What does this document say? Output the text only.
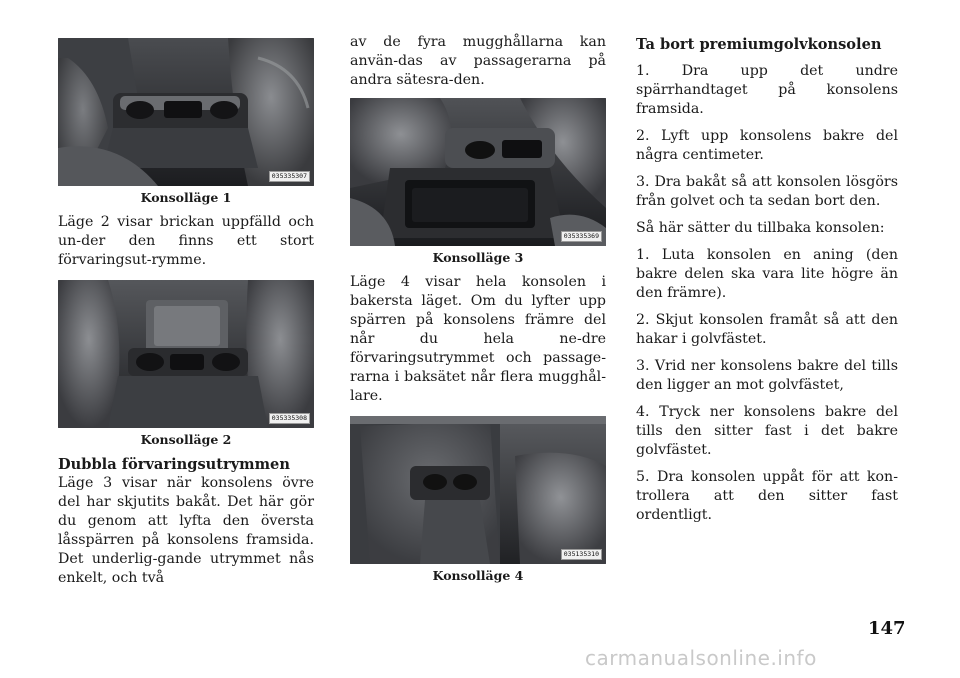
035335307
Konsolläge 1

Läge 2 visar brickan uppfälld och un-der den finns ett stort förvaringsut-rymme.

035335308
Konsolläge 2
Dubbla förvaringsutrymmen

Läge 3 visar när konsolens övre del har skjutits bakåt. Det här gör du genom att lyfta den översta låsspärren på konsolens framsida. Det underlig-gande utrymmet nås enkelt, och två

av de fyra mugghållarna kan använ-das av passagerarna på andra sätesra-den.

035335369
Konsolläge 3

Läge 4 visar hela konsolen i bakersta läget. Om du lyfter upp spärren på konsolens främre del når du hela ne-dre förvaringsutrymmet och passage-rarna i baksätet når flera mugghål-lare.

035135310
Konsolläge 4
Ta bort premiumgolvkonsolen

1. Dra upp det undre spärrhandtaget på konsolens framsida.

2. Lyft upp konsolens bakre del några centimeter.

3. Dra bakåt så att konsolen lösgörs från golvet och ta sedan bort den.

Så här sätter du tillbaka konsolen:

1. Luta konsolen en aning (den bakre delen ska vara lite högre än den främre).

2. Skjut konsolen framåt så att den hakar i golvfästet.

3. Vrid ner konsolens bakre del tills den ligger an mot golvfästet,

4. Tryck ner konsolens bakre del tills den sitter fast i det bakre golvfästet.

5. Dra konsolen uppåt för att kon-trollera att den sitter fast ordentligt.

147
carmanualsonline.info
